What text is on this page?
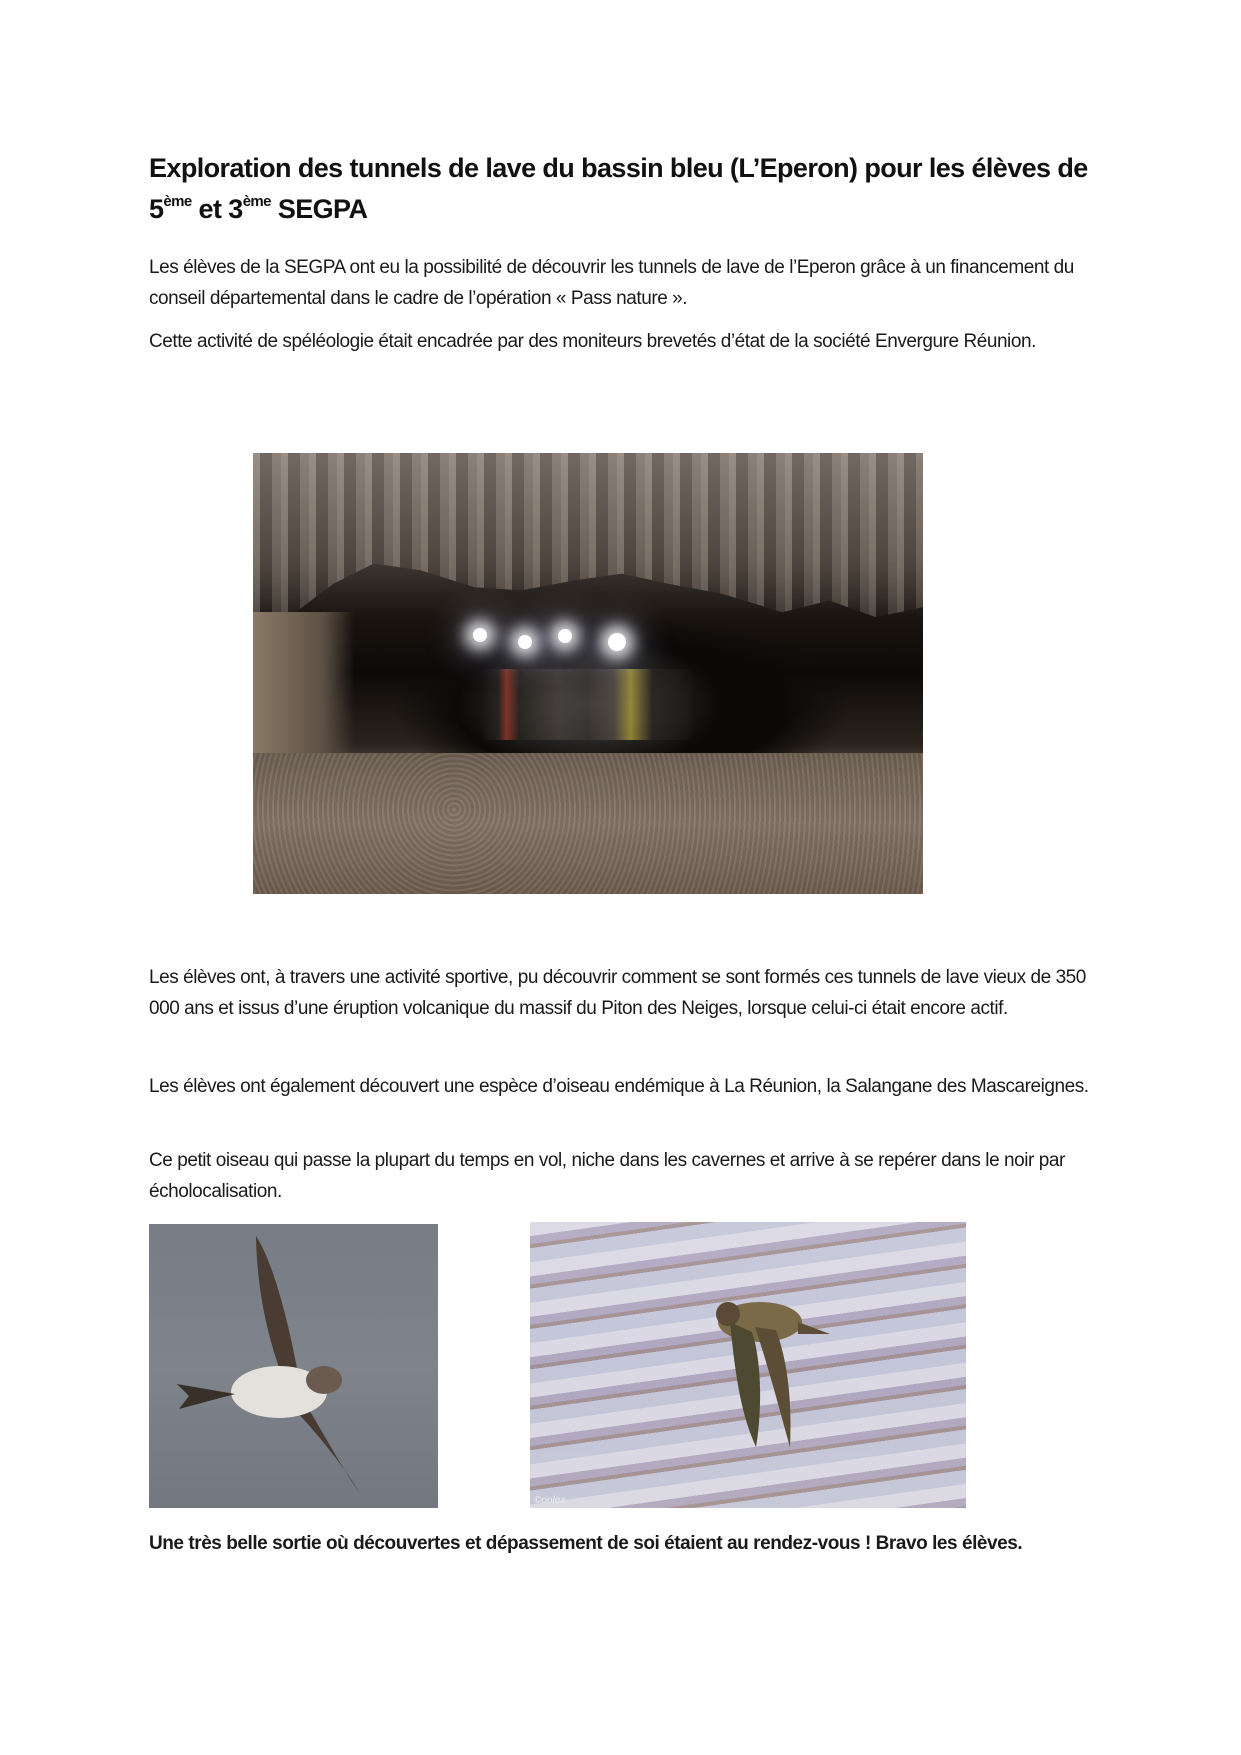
Exploration des tunnels de lave du bassin bleu (L’Eperon) pour les élèves de 5ème et 3ème SEGPA

Les élèves de la SEGPA ont eu la possibilité de découvrir les tunnels de lave de l’Eperon grâce à un financement du conseil départemental dans le cadre de l’opération « Pass nature ».

Cette activité de spéléologie était encadrée par des moniteurs brevetés d’état de la société Envergure Réunion.

Les élèves ont, à travers une activité sportive, pu découvrir comment se sont formés ces tunnels de lave vieux de 350 000 ans et issus d’une éruption volcanique du massif du Piton des Neiges, lorsque celui-ci était encore actif.

Les élèves ont également découvert une espèce d’oiseau endémique à La Réunion, la Salangane des Mascareignes.

Ce petit oiseau qui passe la plupart du temps en vol, niche dans les cavernes et arrive à se repérer dans le noir par écholocalisation.

©oolex

Une très belle sortie où découvertes et dépassement de soi étaient au rendez-vous ! Bravo les élèves.
